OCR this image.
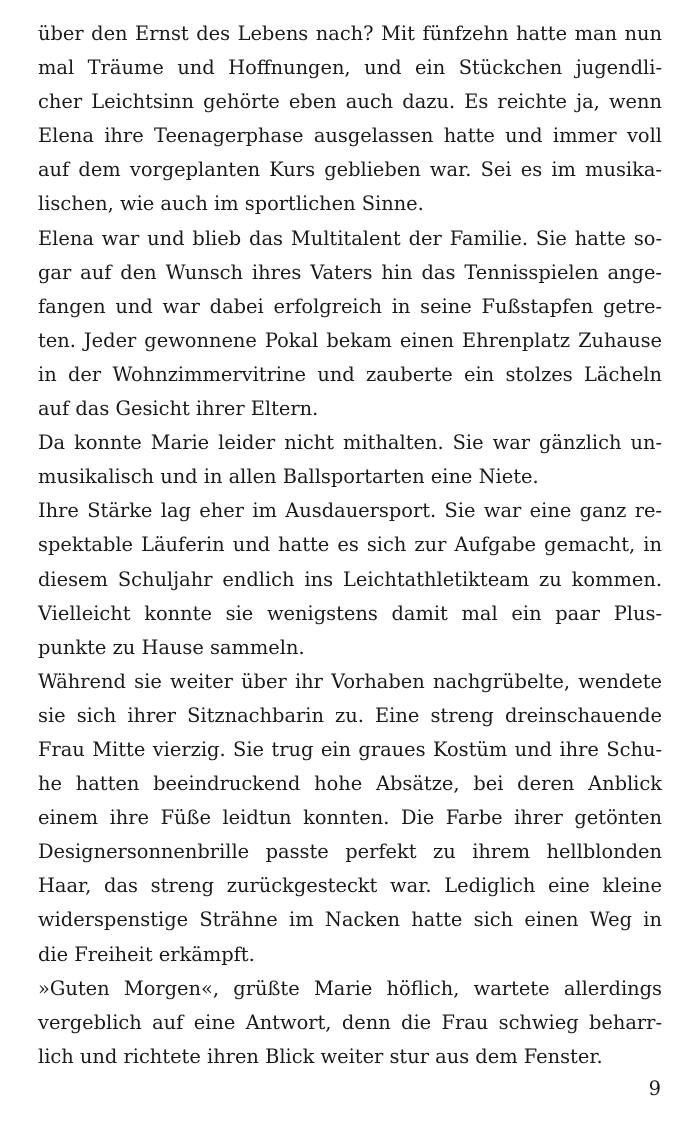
über den Ernst des Lebens nach? Mit fünfzehn hatte man nun
mal Träume und Hoffnungen, und ein Stückchen jugendli-
cher Leichtsinn gehörte eben auch dazu. Es reichte ja, wenn
Elena ihre Teenagerphase ausgelassen hatte und immer voll
auf dem vorgeplanten Kurs geblieben war. Sei es im musika-
lischen, wie auch im sportlichen Sinne.
Elena war und blieb das Multitalent der Familie. Sie hatte so-
gar auf den Wunsch ihres Vaters hin das Tennisspielen ange-
fangen und war dabei erfolgreich in seine Fußstapfen getre-
ten. Jeder gewonnene Pokal bekam einen Ehrenplatz Zuhause
in der Wohnzimmervitrine und zauberte ein stolzes Lächeln
auf das Gesicht ihrer Eltern.
Da konnte Marie leider nicht mithalten. Sie war gänzlich un-
musikalisch und in allen Ballsportarten eine Niete.
Ihre Stärke lag eher im Ausdauersport. Sie war eine ganz re-
spektable Läuferin und hatte es sich zur Aufgabe gemacht, in
diesem Schuljahr endlich ins Leichtathletikteam zu kommen.
Vielleicht konnte sie wenigstens damit mal ein paar Plus-
punkte zu Hause sammeln.
Während sie weiter über ihr Vorhaben nachgrübelte, wendete
sie sich ihrer Sitznachbarin zu. Eine streng dreinschauende
Frau Mitte vierzig. Sie trug ein graues Kostüm und ihre Schu-
he hatten beeindruckend hohe Absätze, bei deren Anblick
einem ihre Füße leidtun konnten. Die Farbe ihrer getönten
Designersonnenbrille passte perfekt zu ihrem hellblonden
Haar, das streng zurückgesteckt war. Lediglich eine kleine
widerspenstige Strähne im Nacken hatte sich einen Weg in
die Freiheit erkämpft.
»Guten Morgen«, grüßte Marie höflich, wartete allerdings
vergeblich auf eine Antwort, denn die Frau schwieg beharr-
lich und richtete ihren Blick weiter stur aus dem Fenster.
9
